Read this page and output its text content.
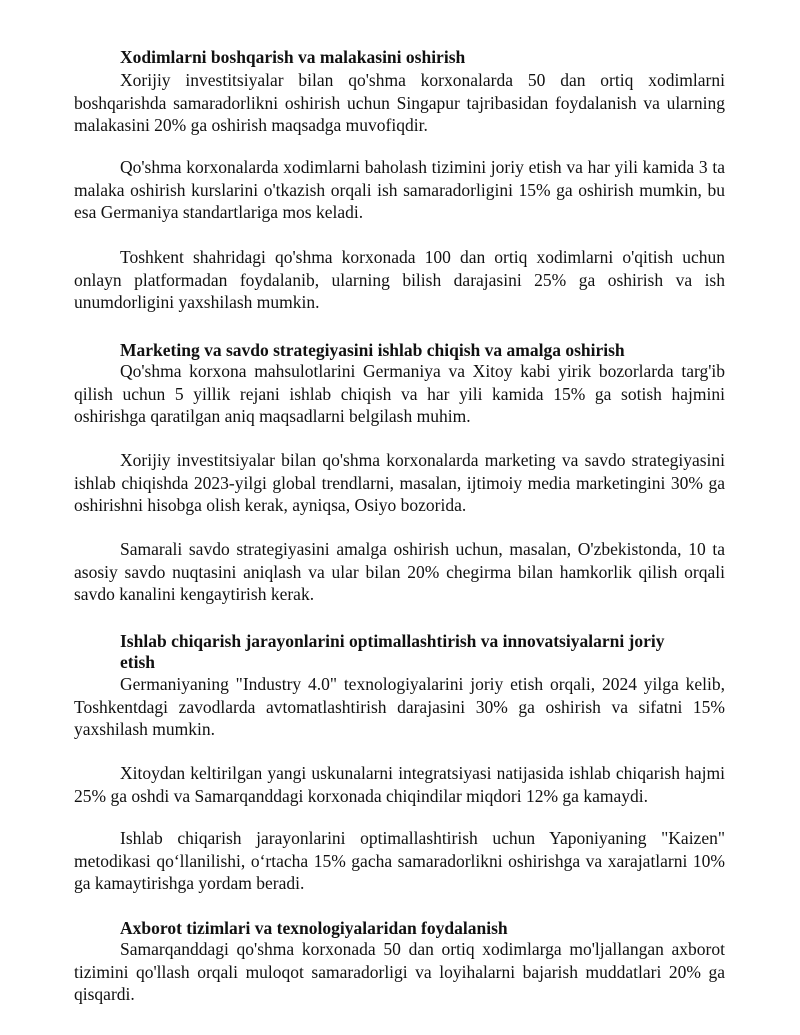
Xodimlarni boshqarish va malakasini oshirish
Xorijiy investitsiyalar bilan qo'shma korxonalarda 50 dan ortiq xodimlarni boshqarishda samaradorlikni oshirish uchun Singapur tajribasidan foydalanish va ularning malakasini 20% ga oshirish maqsadga muvofiqdir.
Qo'shma korxonalarda xodimlarni baholash tizimini joriy etish va har yili kamida 3 ta malaka oshirish kurslarini o'tkazish orqali ish samaradorligini 15% ga oshirish mumkin, bu esa Germaniya standartlariga mos keladi.
Toshkent shahridagi qo'shma korxonada 100 dan ortiq xodimlarni o'qitish uchun onlayn platformadan foydalanib, ularning bilish darajasini 25% ga oshirish va ish unumdorligini yaxshilash mumkin.
Marketing va savdo strategiyasini ishlab chiqish va amalga oshirish
Qo'shma korxona mahsulotlarini Germaniya va Xitoy kabi yirik bozorlarda targ'ib qilish uchun 5 yillik rejani ishlab chiqish va har yili kamida 15% ga sotish hajmini oshirishga qaratilgan aniq maqsadlarni belgilash muhim.
Xorijiy investitsiyalar bilan qo'shma korxonalarda marketing va savdo strategiyasini ishlab chiqishda 2023-yilgi global trendlarni, masalan, ijtimoiy media marketingini 30% ga oshirishni hisobga olish kerak, ayniqsa, Osiyo bozorida.
Samarali savdo strategiyasini amalga oshirish uchun, masalan, O'zbekistonda, 10 ta asosiy savdo nuqtasini aniqlash va ular bilan 20% chegirma bilan hamkorlik qilish orqali savdo kanalini kengaytirish kerak.
Ishlab chiqarish jarayonlarini optimallashtirish va innovatsiyalarni joriy etish
Germaniyaning "Industry 4.0" texnologiyalarini joriy etish orqali, 2024 yilga kelib, Toshkentdagi zavodlarda avtomatlashtirish darajasini 30% ga oshirish va sifatni 15% yaxshilash mumkin.
Xitoydan keltirilgan yangi uskunalarni integratsiyasi natijasida ishlab chiqarish hajmi 25% ga oshdi va Samarqanddagi korxonada chiqindilar miqdori 12% ga kamaydi.
Ishlab chiqarish jarayonlarini optimallashtirish uchun Yaponiyaning "Kaizen" metodikasi qo‘llanilishi, o‘rtacha 15% gacha samaradorlikni oshirishga va xarajatlarni 10% ga kamaytirishga yordam beradi.
Axborot tizimlari va texnologiyalaridan foydalanish
Samarqanddagi qo'shma korxonada 50 dan ortiq xodimlarga mo'ljallangan axborot tizimini qo'llash orqali muloqot samaradorligi va loyihalarni bajarish muddatlari 20% ga qisqardi.
